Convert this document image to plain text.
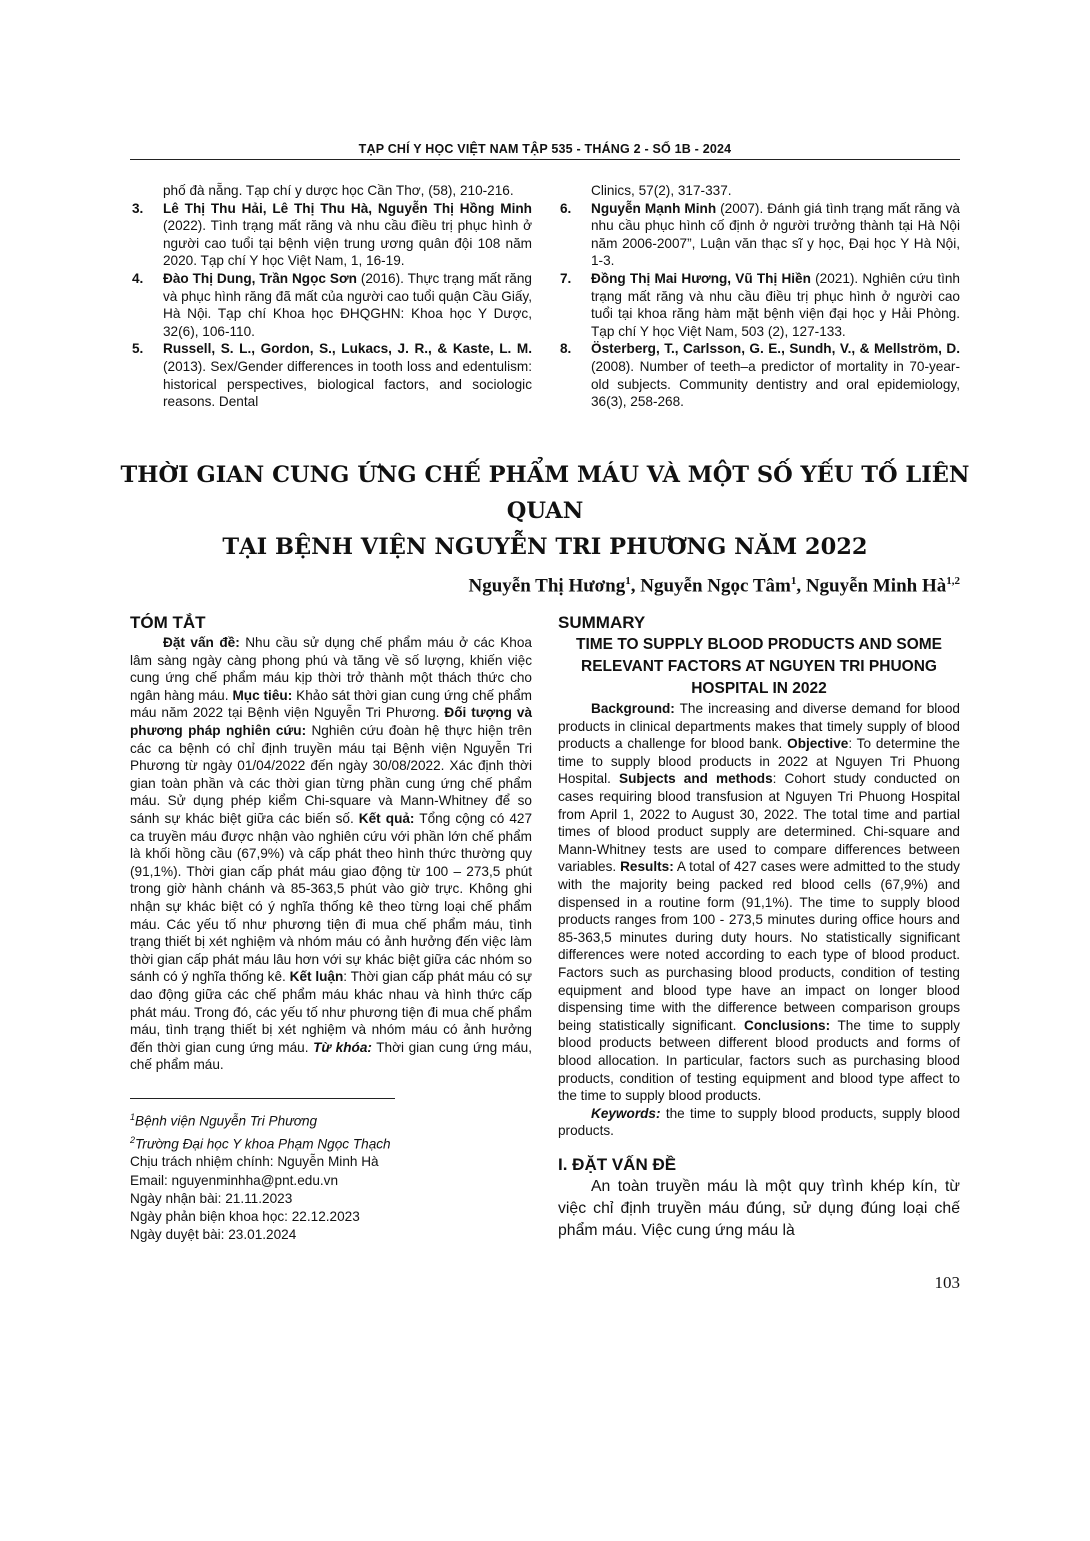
TẠP CHÍ Y HỌC VIỆT NAM TẬP 535 - THÁNG 2 - SỐ 1B - 2024
phố đà nẵng. Tạp chí y dược học Cần Thơ, (58), 210-216.
3. Lê Thị Thu Hải, Lê Thị Thu Hà, Nguyễn Thị Hồng Minh (2022). Tình trạng mất răng và nhu cầu điều trị phục hình ở người cao tuổi tại bệnh viện trung ương quân đội 108 năm 2020. Tạp chí Y học Việt Nam, 1, 16-19.
4. Đào Thị Dung, Trần Ngọc Sơn (2016). Thực trạng mất răng và phục hình răng đã mất của người cao tuổi quận Cầu Giấy, Hà Nội. Tạp chí Khoa học ĐHQGHN: Khoa học Y Dược, 32(6), 106-110.
5. Russell, S. L., Gordon, S., Lukacs, J. R., & Kaste, L. M. (2013). Sex/Gender differences in tooth loss and edentulism: historical perspectives, biological factors, and sociologic reasons. Dental
Clinics, 57(2), 317-337.
6. Nguyễn Mạnh Minh (2007). Đánh giá tình trạng mất răng và nhu cầu phục hình cố định ở người trưởng thành tại Hà Nội năm 2006-2007”, Luận văn thạc sĩ y học, Đại học Y Hà Nội, 1-3.
7. Đồng Thị Mai Hương, Vũ Thị Hiền (2021). Nghiên cứu tình trạng mất răng và nhu cầu điều trị phục hình ở người cao tuổi tại khoa răng hàm mặt bệnh viện đại học y Hải Phòng. Tạp chí Y học Việt Nam, 503 (2), 127-133.
8. Österberg, T., Carlsson, G. E., Sundh, V., & Mellström, D. (2008). Number of teeth–a predictor of mortality in 70-year-old subjects. Community dentistry and oral epidemiology, 36(3), 258-268.
THỜI GIAN CUNG ỨNG CHẾ PHẨM MÁU VÀ MỘT SỐ YẾU TỐ LIÊN QUAN
TẠI BỆNH VIỆN NGUYỄN TRI PHƯƠNG NĂM 2022
Nguyễn Thị Hương$^1$, Nguyễn Ngọc Tâm$^1$, Nguyễn Minh Hà$^{1,2}$
TÓM TẮT

Đặt vấn đề: Nhu cầu sử dụng chế phẩm máu ở các Khoa lâm sàng ngày càng phong phú và tăng về số lượng, khiến việc cung ứng chế phẩm máu kịp thời trở thành một thách thức cho ngân hàng máu. Mục tiêu: Khảo sát thời gian cung ứng chế phẩm máu năm 2022 tại Bệnh viện Nguyễn Tri Phương. Đối tượng và phương pháp nghiên cứu: Nghiên cứu đoàn hệ thực hiện trên các ca bệnh có chỉ định truyền máu tại Bệnh viện Nguyễn Tri Phương từ ngày 01/04/2022 đến ngày 30/08/2022. Xác định thời gian toàn phần và các thời gian từng phần cung ứng chế phẩm máu. Sử dụng phép kiểm Chi-square và Mann-Whitney để so sánh sự khác biệt giữa các biến số. Kết quả: Tổng cộng có 427 ca truyền máu được nhận vào nghiên cứu với phần lớn chế phẩm là khối hồng cầu (67,9%) và cấp phát theo hình thức thường quy (91,1%). Thời gian cấp phát máu giao động từ 100 – 273,5 phút trong giờ hành chánh và 85-363,5 phút vào giờ trực. Không ghi nhận sự khác biệt có ý nghĩa thống kê theo từng loại chế phẩm máu. Các yếu tố như phương tiện đi mua chế phẩm máu, tình trạng thiết bị xét nghiệm và nhóm máu có ảnh hưởng đến việc làm thời gian cấp phát máu lâu hơn với sự khác biệt giữa các nhóm so sánh có ý nghĩa thống kê. Kết luận: Thời gian cấp phát máu có sự dao động giữa các chế phẩm máu khác nhau và hình thức cấp phát máu. Trong đó, các yếu tố như phương tiện đi mua chế phẩm máu, tình trạng thiết bị xét nghiệm và nhóm máu có ảnh hưởng đến thời gian cung ứng máu. Từ khóa: Thời gian cung ứng máu, chế phẩm máu.

$^1$Bệnh viện Nguyễn Tri Phương
$^2$Trường Đại học Y khoa Phạm Ngọc Thạch
Chịu trách nhiệm chính: Nguyễn Minh Hà
Email: nguyenminhha@pnt.edu.vn
Ngày nhận bài: 21.11.2023
Ngày phản biện khoa học: 22.12.2023
Ngày duyệt bài: 23.01.2024
SUMMARY
TIME TO SUPPLY BLOOD PRODUCTS AND SOME RELEVANT FACTORS AT NGUYEN TRI PHUONG HOSPITAL IN 2022

Background: The increasing and diverse demand for blood products in clinical departments makes that timely supply of blood products a challenge for blood bank. Objective: To determine the time to supply blood products in 2022 at Nguyen Tri Phuong Hospital. Subjects and methods: Cohort study conducted on cases requiring blood transfusion at Nguyen Tri Phuong Hospital from April 1, 2022 to August 30, 2022. The total time and partial times of blood product supply are determined. Chi-square and Mann-Whitney tests are used to compare differences between variables. Results: A total of 427 cases were admitted to the study with the majority being packed red blood cells (67,9%) and dispensed in a routine form (91,1%). The time to supply blood products ranges from 100 - 273,5 minutes during office hours and 85-363,5 minutes during duty hours. No statistically significant differences were noted according to each type of blood product. Factors such as purchasing blood products, condition of testing equipment and blood type have an impact on longer blood dispensing time with the difference between comparison groups being statistically significant. Conclusions: The time to supply blood products between different blood products and forms of blood allocation. In particular, factors such as purchasing blood products, condition of testing equipment and blood type affect to the time to supply blood products.

Keywords: the time to supply blood products, supply blood products.

I. ĐẶT VẤN ĐỀ

An toàn truyền máu là một quy trình khép kín, từ việc chỉ định truyền máu đúng, sử dụng đúng loại chế phẩm máu. Việc cung ứng máu là

103
